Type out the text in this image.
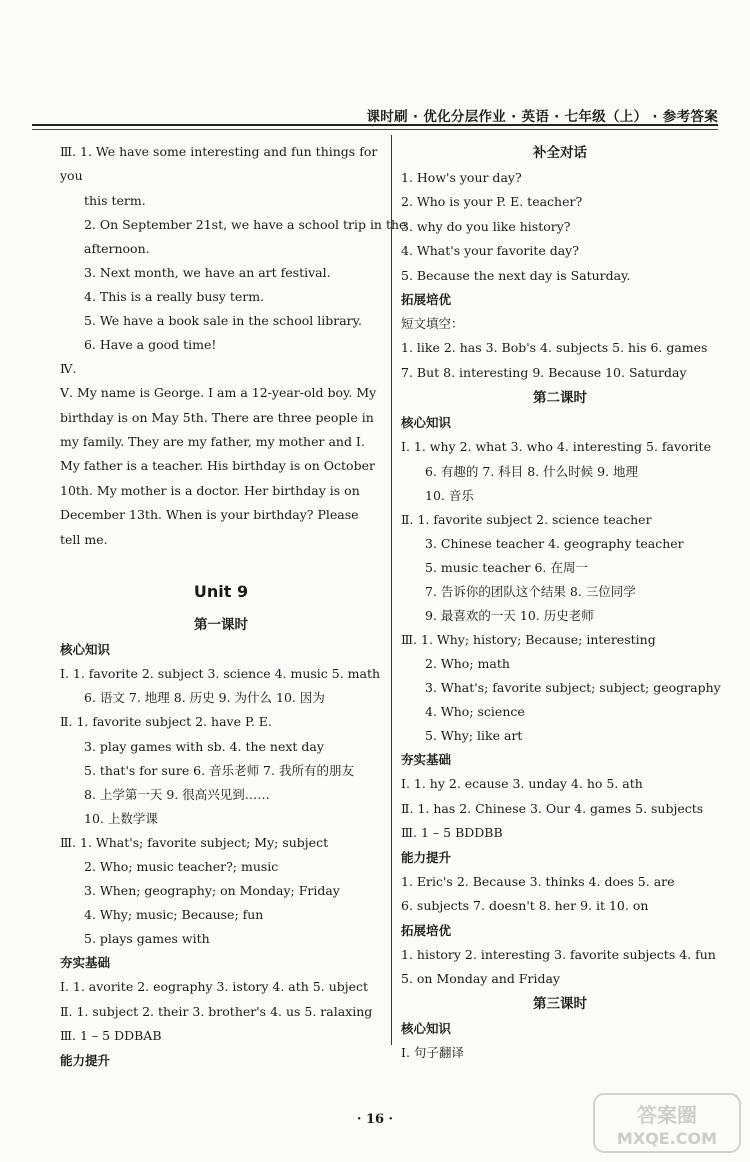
课时刷 · 优化分层作业 · 英语 · 七年级（上） · 参考答案
Ⅲ. 1. We have some interesting and fun things for you
this term.
2. On September 21st, we have a school trip in the
afternoon.
3. Next month, we have an art festival.
4. This is a really busy term.
5. We have a book sale in the school library.
6. Have a good time!
Ⅳ.
Ⅴ. My name is George. I am a 12-year-old boy. My birthday is on May 5th. There are three people in my family. They are my father, my mother and I. My father is a teacher. His birthday is on October 10th. My mother is a doctor. Her birthday is on December 13th. When is your birthday? Please tell me.
Unit 9
第一课时
核心知识
Ⅰ. 1. favorite 2. subject 3. science 4. music 5. math
6. 语文 7. 地理 8. 历史 9. 为什么 10. 因为
Ⅱ. 1. favorite subject 2. have P. E.
3. play games with sb. 4. the next day
5. that's for sure 6. 音乐老师 7. 我所有的朋友
8. 上学第一天 9. 很高兴见到……
10. 上数学课
Ⅲ. 1. What's; favorite subject; My; subject
2. Who; music teacher?; music
3. When; geography; on Monday; Friday
4. Why; music; Because; fun
5. plays games with
夯实基础
Ⅰ. 1. avorite 2. eography 3. istory 4. ath 5. ubject
Ⅱ. 1. subject 2. their 3. brother's 4. us 5. ralaxing
Ⅲ. 1 – 5 DDBAB
能力提升
补全对话
1. How's your day?
2. Who is your P. E. teacher?
3. why do you like history?
4. What's your favorite day?
5. Because the next day is Saturday.
拓展培优
短文填空：
1. like 2. has 3. Bob's 4. subjects 5. his 6. games
7. But 8. interesting 9. Because 10. Saturday
第二课时
核心知识
Ⅰ. 1. why 2. what 3. who 4. interesting 5. favorite
6. 有趣的 7. 科目 8. 什么时候 9. 地理
10. 音乐
Ⅱ. 1. favorite subject 2. science teacher
3. Chinese teacher 4. geography teacher
5. music teacher 6. 在周一
7. 告诉你的团队这个结果 8. 三位同学
9. 最喜欢的一天 10. 历史老师
Ⅲ. 1. Why; history; Because; interesting
2. Who; math
3. What's; favorite subject; subject; geography
4. Who; science
5. Why; like art
夯实基础
Ⅰ. 1. hy 2. ecause 3. unday 4. ho 5. ath
Ⅱ. 1. has 2. Chinese 3. Our 4. games 5. subjects
Ⅲ. 1 – 5 BDDBB
能力提升
1. Eric's 2. Because 3. thinks 4. does 5. are
6. subjects 7. doesn't 8. her 9. it 10. on
拓展培优
1. history 2. interesting 3. favorite subjects 4. fun
5. on Monday and Friday
第三课时
核心知识
Ⅰ. 句子翻译
· 16 ·	答案圈
MXQE.COM
